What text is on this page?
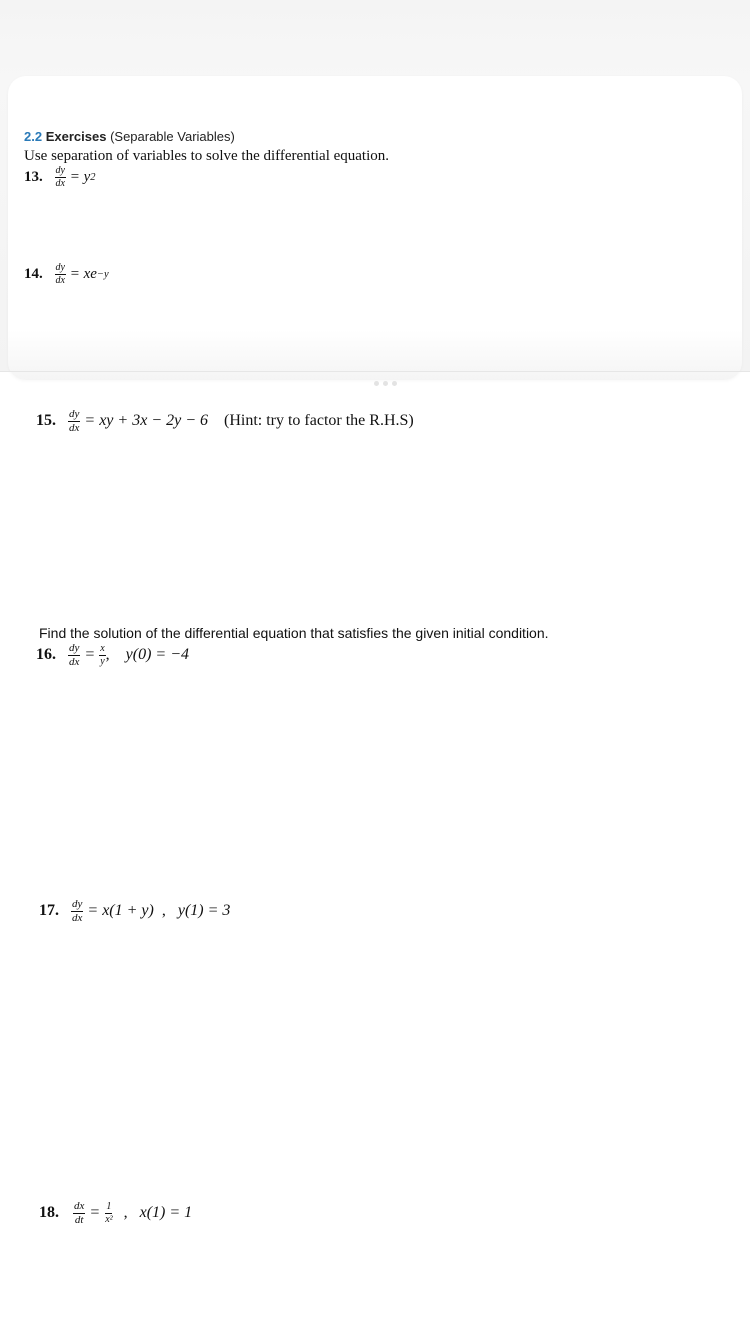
2.2 Exercises (Separable Variables)
Use separation of variables to solve the differential equation.
13. $\frac{dy}{dx}$
= y 2
14. $\frac{dy}{dx}$
= xe −y
15. $\frac{dy}{dx}$ = xy + 3x − 2y − 6 (Hint: try to factor the R.H.S)
Find the solution of the differential equation that satisfies the given initial condition.
16. $\frac{dy}{dx} = \frac{x}{y}$ , y(0) = −4
17. $\frac{dy}{dx} = x(1 + y)$ , y(1) = 3
18. $\frac{dx}{dt} = \frac{1}{\text{x²}}$ , x(1) = 1
